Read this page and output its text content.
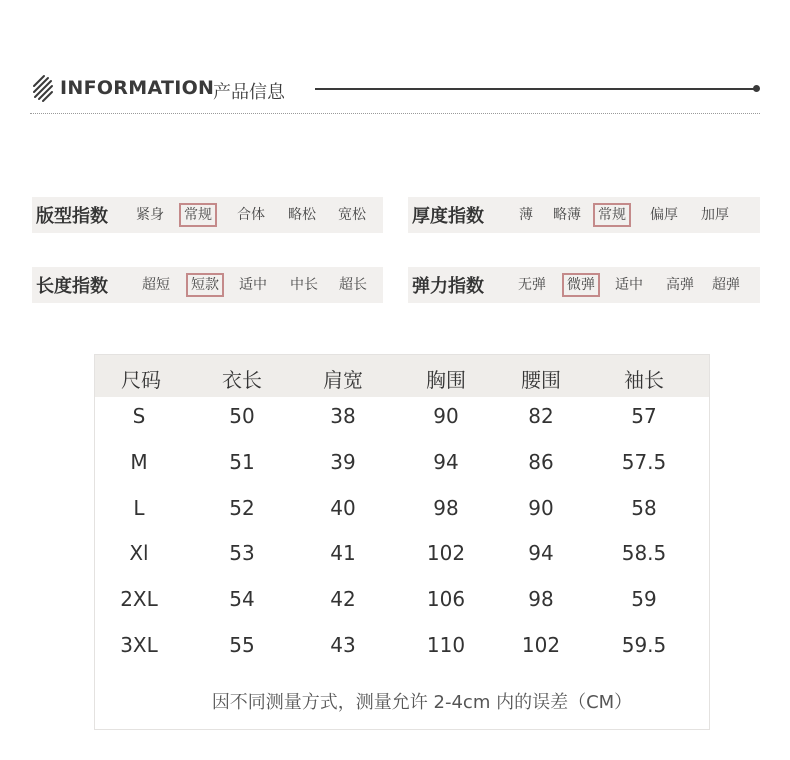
INFORMATION
产品信息
版型指数 紧身	常规	合体 略松 宽松	厚度指数	薄 略薄	常规	偏厚 加厚
长度指数 超短	短款	适中 中长 超长	弹力指数 无弹	微弹	适中 高弹 超弹
尺码	衣长	肩宽	胸围	腰围	袖长
S	50	38	90	82	57
M	51	39	94	86	57.5
L	52	40	98	90	58
Xl	53	41	102	94	58.5
2XL	54	42	106	98	59
3XL	55	43	110	102	59.5
因不同测量方式，测量允许 2-4cm 内的误差（CM）
